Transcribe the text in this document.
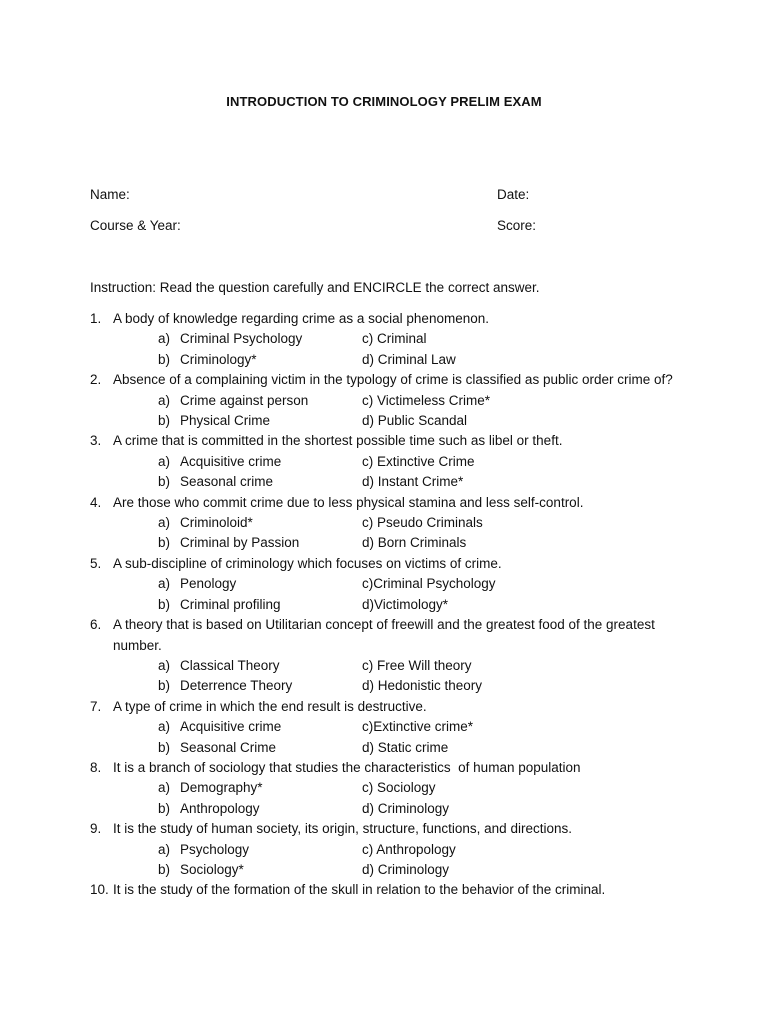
INTRODUCTION TO CRIMINOLOGY PRELIM EXAM
Name:	Date:
Course & Year:	Score:
Instruction: Read the question carefully and ENCIRCLE the correct answer.
1. A body of knowledge regarding crime as a social phenomenon.
a) Criminal Psychology	c) Criminal
b) Criminology*	d) Criminal Law
2. Absence of a complaining victim in the typology of crime is classified as public order crime of?
a) Crime against person	c) Victimeless Crime*
b) Physical Crime	d) Public Scandal
3. A crime that is committed in the shortest possible time such as libel or theft.
a) Acquisitive crime	c) Extinctive Crime
b) Seasonal crime	d) Instant Crime*
4. Are those who commit crime due to less physical stamina and less self-control.
a) Criminoloid*	c) Pseudo Criminals
b) Criminal by Passion	d) Born Criminals
5. A sub-discipline of criminology which focuses on victims of crime.
a) Penology	c)Criminal Psychology
b) Criminal profiling	d)Victimology*
6. A theory that is based on Utilitarian concept of freewill and the greatest food of the greatest number.
a) Classical Theory	c) Free Will theory
b) Deterrence Theory	d) Hedonistic theory
7. A type of crime in which the end result is destructive.
a) Acquisitive crime	c)Extinctive crime*
b) Seasonal Crime	d) Static crime
8. It is a branch of sociology that studies the characteristics  of human population
a) Demography*	c) Sociology
b) Anthropology	d) Criminology
9. It is the study of human society, its origin, structure, functions, and directions.
a) Psychology	c) Anthropology
b) Sociology*	d) Criminology
10. It is the study of the formation of the skull in relation to the behavior of the criminal.
